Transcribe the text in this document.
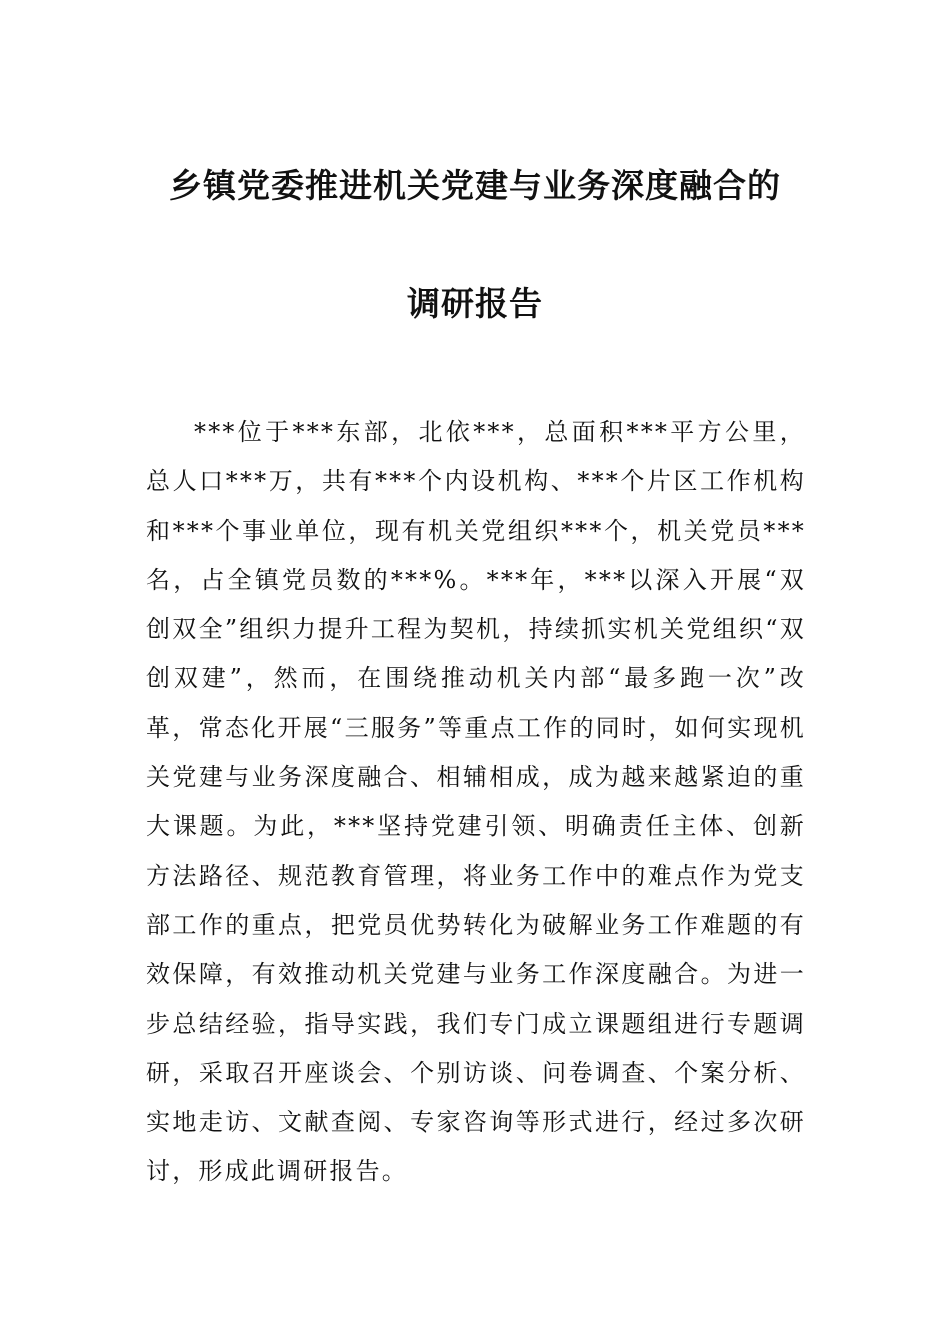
乡镇党委推进机关党建与业务深度融合的
调研报告

***位于***东部，北依***，总面积***平方公里，总人口***万，共有***个内设机构、***个片区工作机构和***个事业单位，现有机关党组织***个，机关党员***名，占全镇党员数的***%。***年，***以深入开展“双创双全”组织力提升工程为契机，持续抓实机关党组织“双创双建”，然而，在围绕推动机关内部“最多跑一次”改革，常态化开展“三服务”等重点工作的同时，如何实现机关党建与业务深度融合、相辅相成，成为越来越紧迫的重大课题。为此，***坚持党建引领、明确责任主体、创新方法路径、规范教育管理，将业务工作中的难点作为党支部工作的重点，把党员优势转化为破解业务工作难题的有效保障，有效推动机关党建与业务工作深度融合。为进一步总结经验，指导实践，我们专门成立课题组进行专题调研，采取召开座谈会、个别访谈、问卷调查、个案分析、实地走访、文献查阅、专家咨询等形式进行，经过多次研讨，形成此调研报告。
